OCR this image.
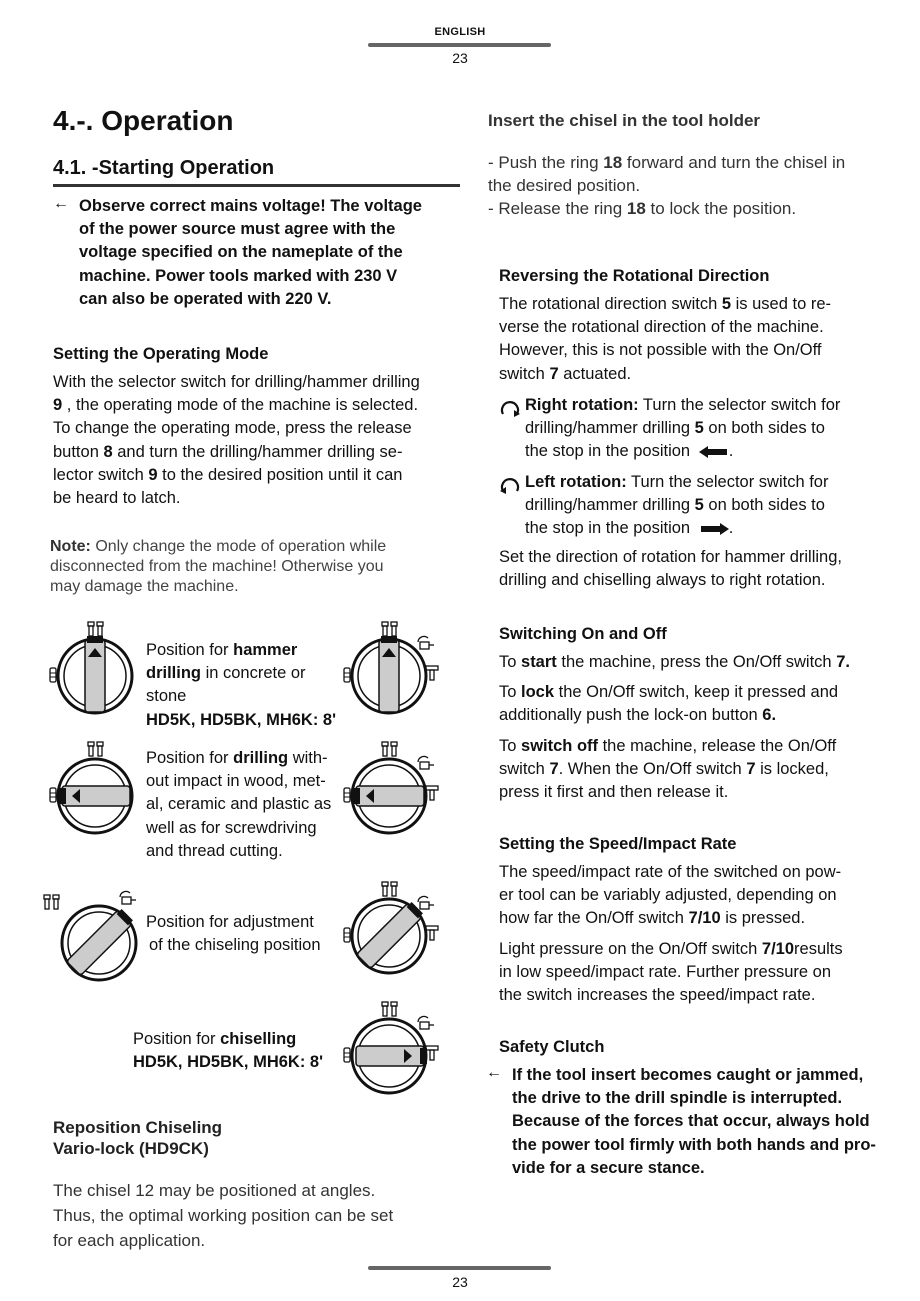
ENGLISH
23
4.-. Operation
4.1. -Starting Operation
← Observe correct mains voltage! The voltage
of the power source must agree with the
voltage specified on the nameplate of the
machine. Power tools marked with 230 V
can also be operated with 220 V.
Setting the Operating Mode
With the selector switch for drilling/hammer drilling
9 , the operating mode of the machine is selected.
To change the operating mode, press the release
button 8 and turn the drilling/hammer drilling se-
lector switch 9 to the desired position until it can
be heard to latch.
Note: Only change the mode of operation while
disconnected from the machine! Otherwise you
may damage the machine.
Position for hammer
drilling in concrete or
stone
HD5K, HD5BK, MH6K: 8'
Position for drilling with-
out impact in wood, met-
al, ceramic and plastic as
well as for screwdriving
and thread cutting.
Position for adjustment
of the chiseling position
Position for chiselling
HD5K, HD5BK, MH6K: 8'
Reposition Chiseling
Vario-lock (HD9CK)
The chisel 12 may be positioned at angles.
Thus, the optimal working position can be set
for each application.
Insert the chisel in the tool holder
- Push the ring 18 forward and turn the chisel in
the desired position.
- Release the ring 18 to lock the position.
Reversing the Rotational Direction
The rotational direction switch 5 is used to re-
verse the rotational direction of the machine.
However, this is not possible with the On/Off
switch 7 actuated.
Right rotation: Turn the selector switch for
drilling/hammer drilling 5 on both sides to
the stop in the position .
Left rotation: Turn the selector switch for
drilling/hammer drilling 5 on both sides to
the stop in the position .
Set the direction of rotation for hammer drilling,
drilling and chiselling always to right rotation.
Switching On and Off
To start the machine, press the On/Off switch 7.
To lock the On/Off switch, keep it pressed and
additionally push the lock-on button 6.
To switch off the machine, release the On/Off
switch 7. When the On/Off switch 7 is locked,
press it first and then release it.
Setting the Speed/Impact Rate
The speed/impact rate of the switched on pow-
er tool can be variably adjusted, depending on
how far the On/Off switch 7/10 is pressed.
Light pressure on the On/Off switch 7/10results
in low speed/impact rate. Further pressure on
the switch increases the speed/impact rate.
Safety Clutch
← If the tool insert becomes caught or jammed,
the drive to the drill spindle is interrupted.
Because of the forces that occur, always hold
the power tool firmly with both hands and pro-
vide for a secure stance.
23
